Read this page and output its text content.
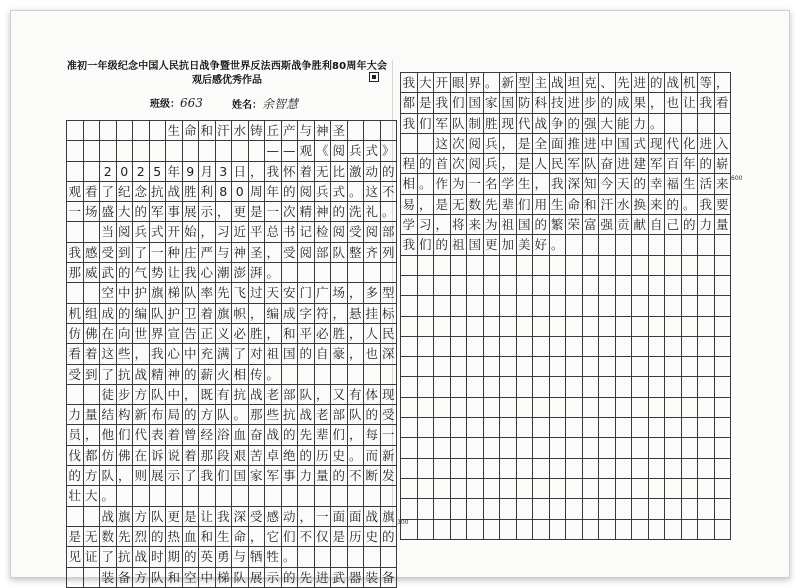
准初一年级纪念中国人民抗日战争暨世界反法西斯战争胜利80周年大会
观后感优秀作品
班级：663	姓名：余智慧
生 命 和 汗 水 铸 丘 产 与 神 圣
— — 观 《 阅 兵 式 》
2 0 2 5 年 9 月 3 日 ， 我 怀 着 无 比 激 动 的
观 看 了 纪 念 抗 战 胜 利 8 0 周 年 的 阅 兵 式 。 这 不
一 场 盛 大 的 军 事 展 示 ， 更 是 一 次 精 神 的 洗 礼 。
当 阅 兵 式 开 始 ， 习 近 平 总 书 记 检 阅 受 阅 部
我 感 受 到 了 一 种 庄 严 与 神 圣 ， 受 阅 部 队 整 齐 列
那 威 武 的 气 势 让 我 心 潮 澎 湃 。
空 中 护 旗 梯 队 率 先 飞 过 天 安 门 广 场 ， 多 型
机 组 成 的 编 队 护 卫 着 旗 帜 ， 编 成 字 符 ， 悬 挂 标
仿 佛 在 向 世 界 宣 告 正 义 必 胜 ， 和 平 必 胜 ， 人 民
看 着 这 些 ， 我 心 中 充 满 了 对 祖 国 的 自 豪 ， 也 深
受 到 了 抗 战 精 神 的 薪 火 相 传 。
徒 步 方 队 中 ， 既 有 抗 战 老 部 队 ， 又 有 体 现
力 量 结 构 新 布 局 的 方 队 。 那 些 抗 战 老 部 队 的 受
员 ， 他 们 代 表 着 曾 经 浴 血 奋 战 的 先 辈 们 ， 每 一
伐 都 仿 佛 在 诉 说 着 那 段 艰 苦 卓 绝 的 历 史 。 而 新
的 方 队 ， 则 展 示 了 我 们 国 家 军 事 力 量 的 不 断 发
壮 大 。
战 旗 方 队 更 是 让 我 深 受 感 动 ， 一 面 面 战 旗
是 无 数 先 烈 的 热 血 和 生 命 ， 它 们 不 仅 是 历 史 的
见 证 了 抗 战 时 期 的 英 勇 与 牺 牲 。
装 备 方 队 和 空 中 梯 队 展 示 的 先 进 武 器 装 备
我 大 开 眼 界 。 新 型 主 战 坦 克 、 先 进 的 战 机 等 ，
都 是 我 们 国 家 国 防 科 技 进 步 的 成 果 ， 也 让 我 看
我 们 军 队 制 胜 现 代 战 争 的 强 大 能 力 。
这 次 阅 兵 ， 是 全 面 推 进 中 国 式 现 代 化 进 入
程 的 首 次 阅 兵 ， 是 人 民 军 队 奋 进 建 军 百 年 的 崭
相 。 作 为 一 名 学 生 ， 我 深 知 今 天 的 幸 福 生 活 来
易 ， 是 无 数 先 辈 们 用 生 命 和 汗 水 换 来 的 。 我 要
学 习 ， 将 来 为 祖 国 的 繁 荣 富 强 贡 献 自 己 的 力 量
我 们 的 祖 国 更 加 美 好 。
300
600
